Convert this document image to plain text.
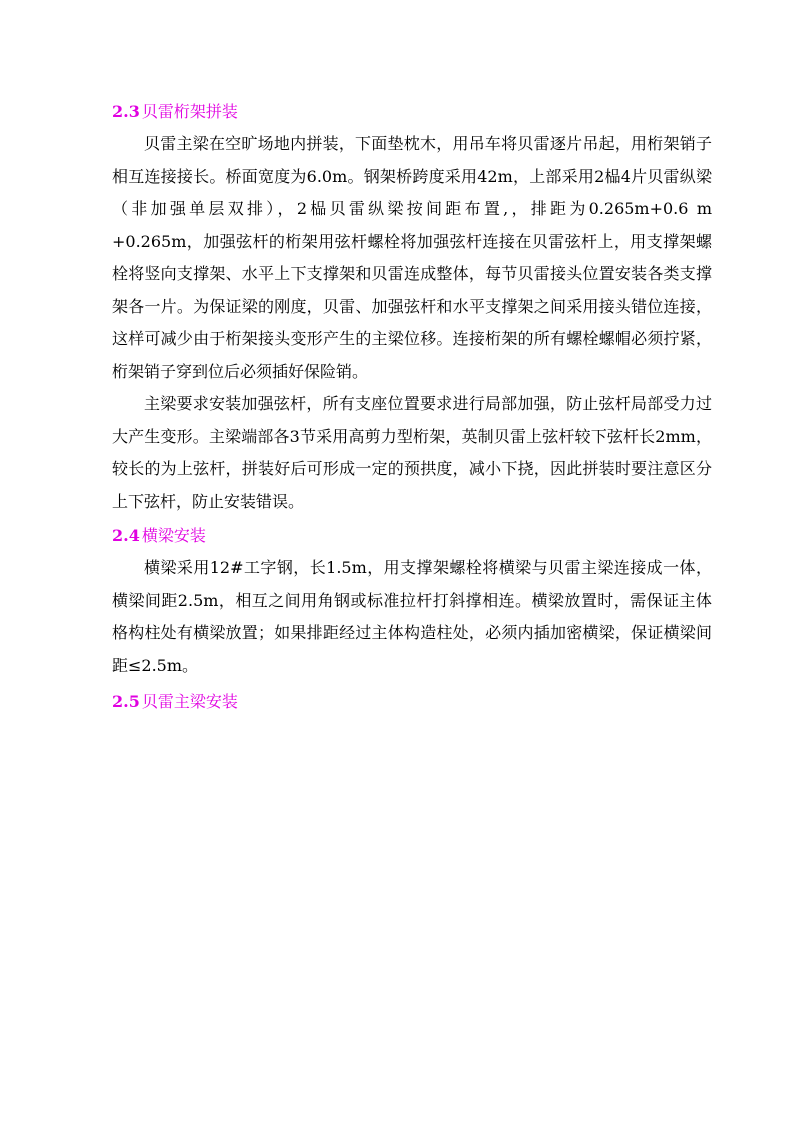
2.3 贝雷桁架拼装

贝雷主梁在空旷场地内拼装，下面垫枕木，用吊车将贝雷逐片吊起，用桁架销子相互连接接长。桥面宽度为6.0m。钢架桥跨度采用42m，上部采用2榀4片贝雷纵梁（非加强单层双排），2榀贝雷纵梁按间距布置,，排距为0.265m+0.6 m +0.265m，加强弦杆的桁架用弦杆螺栓将加强弦杆连接在贝雷弦杆上，用支撑架螺栓将竖向支撑架、水平上下支撑架和贝雷连成整体，每节贝雷接头位置安装各类支撑架各一片。为保证梁的刚度，贝雷、加强弦杆和水平支撑架之间采用接头错位连接，这样可减少由于桁架接头变形产生的主梁位移。连接桁架的所有螺栓螺帽必须拧紧，桁架销子穿到位后必须插好保险销。

主梁要求安装加强弦杆，所有支座位置要求进行局部加强，防止弦杆局部受力过大产生变形。主梁端部各3节采用高剪力型桁架，英制贝雷上弦杆较下弦杆长2mm，较长的为上弦杆，拼装好后可形成一定的预拱度，减小下挠，因此拼装时要注意区分上下弦杆，防止安装错误。

2.4 横梁安装

横梁采用12#工字钢，长1.5m，用支撑架螺栓将横梁与贝雷主梁连接成一体，横梁间距2.5m，相互之间用角钢或标准拉杆打斜撑相连。横梁放置时，需保证主体格构柱处有横梁放置；如果排距经过主体构造柱处，必须内插加密横梁，保证横梁间距≤2.5m。

2.5 贝雷主梁安装
